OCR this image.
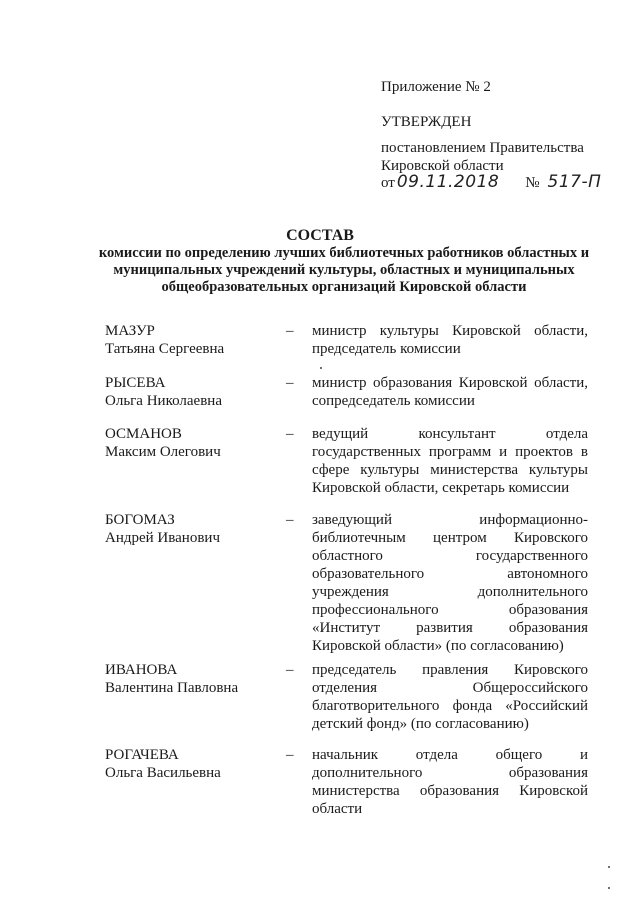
Приложение № 2
УТВЕРЖДЕН
постановлением Правительства
Кировской области
от 09.11.2018 № 517-П
СОСТАВ
комиссии по определению лучших библиотечных работников областных и муниципальных учреждений культуры, областных и муниципальных общеобразовательных организаций Кировской области
МАЗУР
Татьяна Сергеевна
– министр культуры Кировской области, председатель комиссии
РЫСЕВА
Ольга Николаевна
– министр образования Кировской области, сопредседатель комиссии
ОСМАНОВ
Максим Олегович
– ведущий консультант отдела государственных программ и проектов в сфере культуры министерства культуры Кировской области, секретарь комиссии
БОГОМАЗ
Андрей Иванович
– заведующий информационно-библиотечным центром Кировского областного государственного образовательного автономного учреждения дополнительного профессионального образования «Институт развития образования Кировской области» (по согласованию)
ИВАНОВА
Валентина Павловна
– председатель правления Кировского отделения Общероссийского благотворительного фонда «Российский детский фонд» (по согласованию)
РОГАЧЕВА
Ольга Васильевна
– начальник отдела общего и дополнительного образования министерства образования Кировской области
